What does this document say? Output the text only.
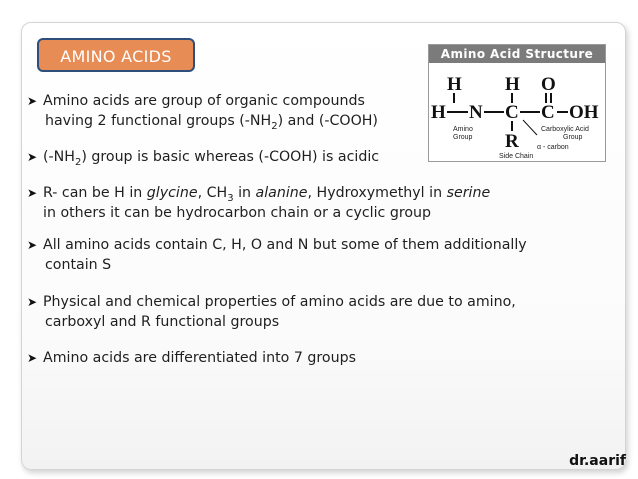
AMINO ACIDS
➤ Amino acids are group of organic compounds
having 2 functional groups $(-NH_2)$ and (-COOH)
➤ $(-NH_2)$ group is basic whereas (-COOH) is acidic
➤ R- can be H in glycine, $CH_3$ in alanine, Hydroxymethyl in serine
in others it can be hydrocarbon chain or a cyclic group
➤ All amino acids contain C, H, O and N but some of them additionally
contain S
➤ Physical and chemical properties of amino acids are due to amino,
carboxyl and R functional groups
➤ Amino acids are differentiated into 7 groups
Amino Acid Structure
H H O
H N C C OH
R
Amino
Group
Carboxylic Acid
Group
Side Chain
α - carbon
dr.aarif
